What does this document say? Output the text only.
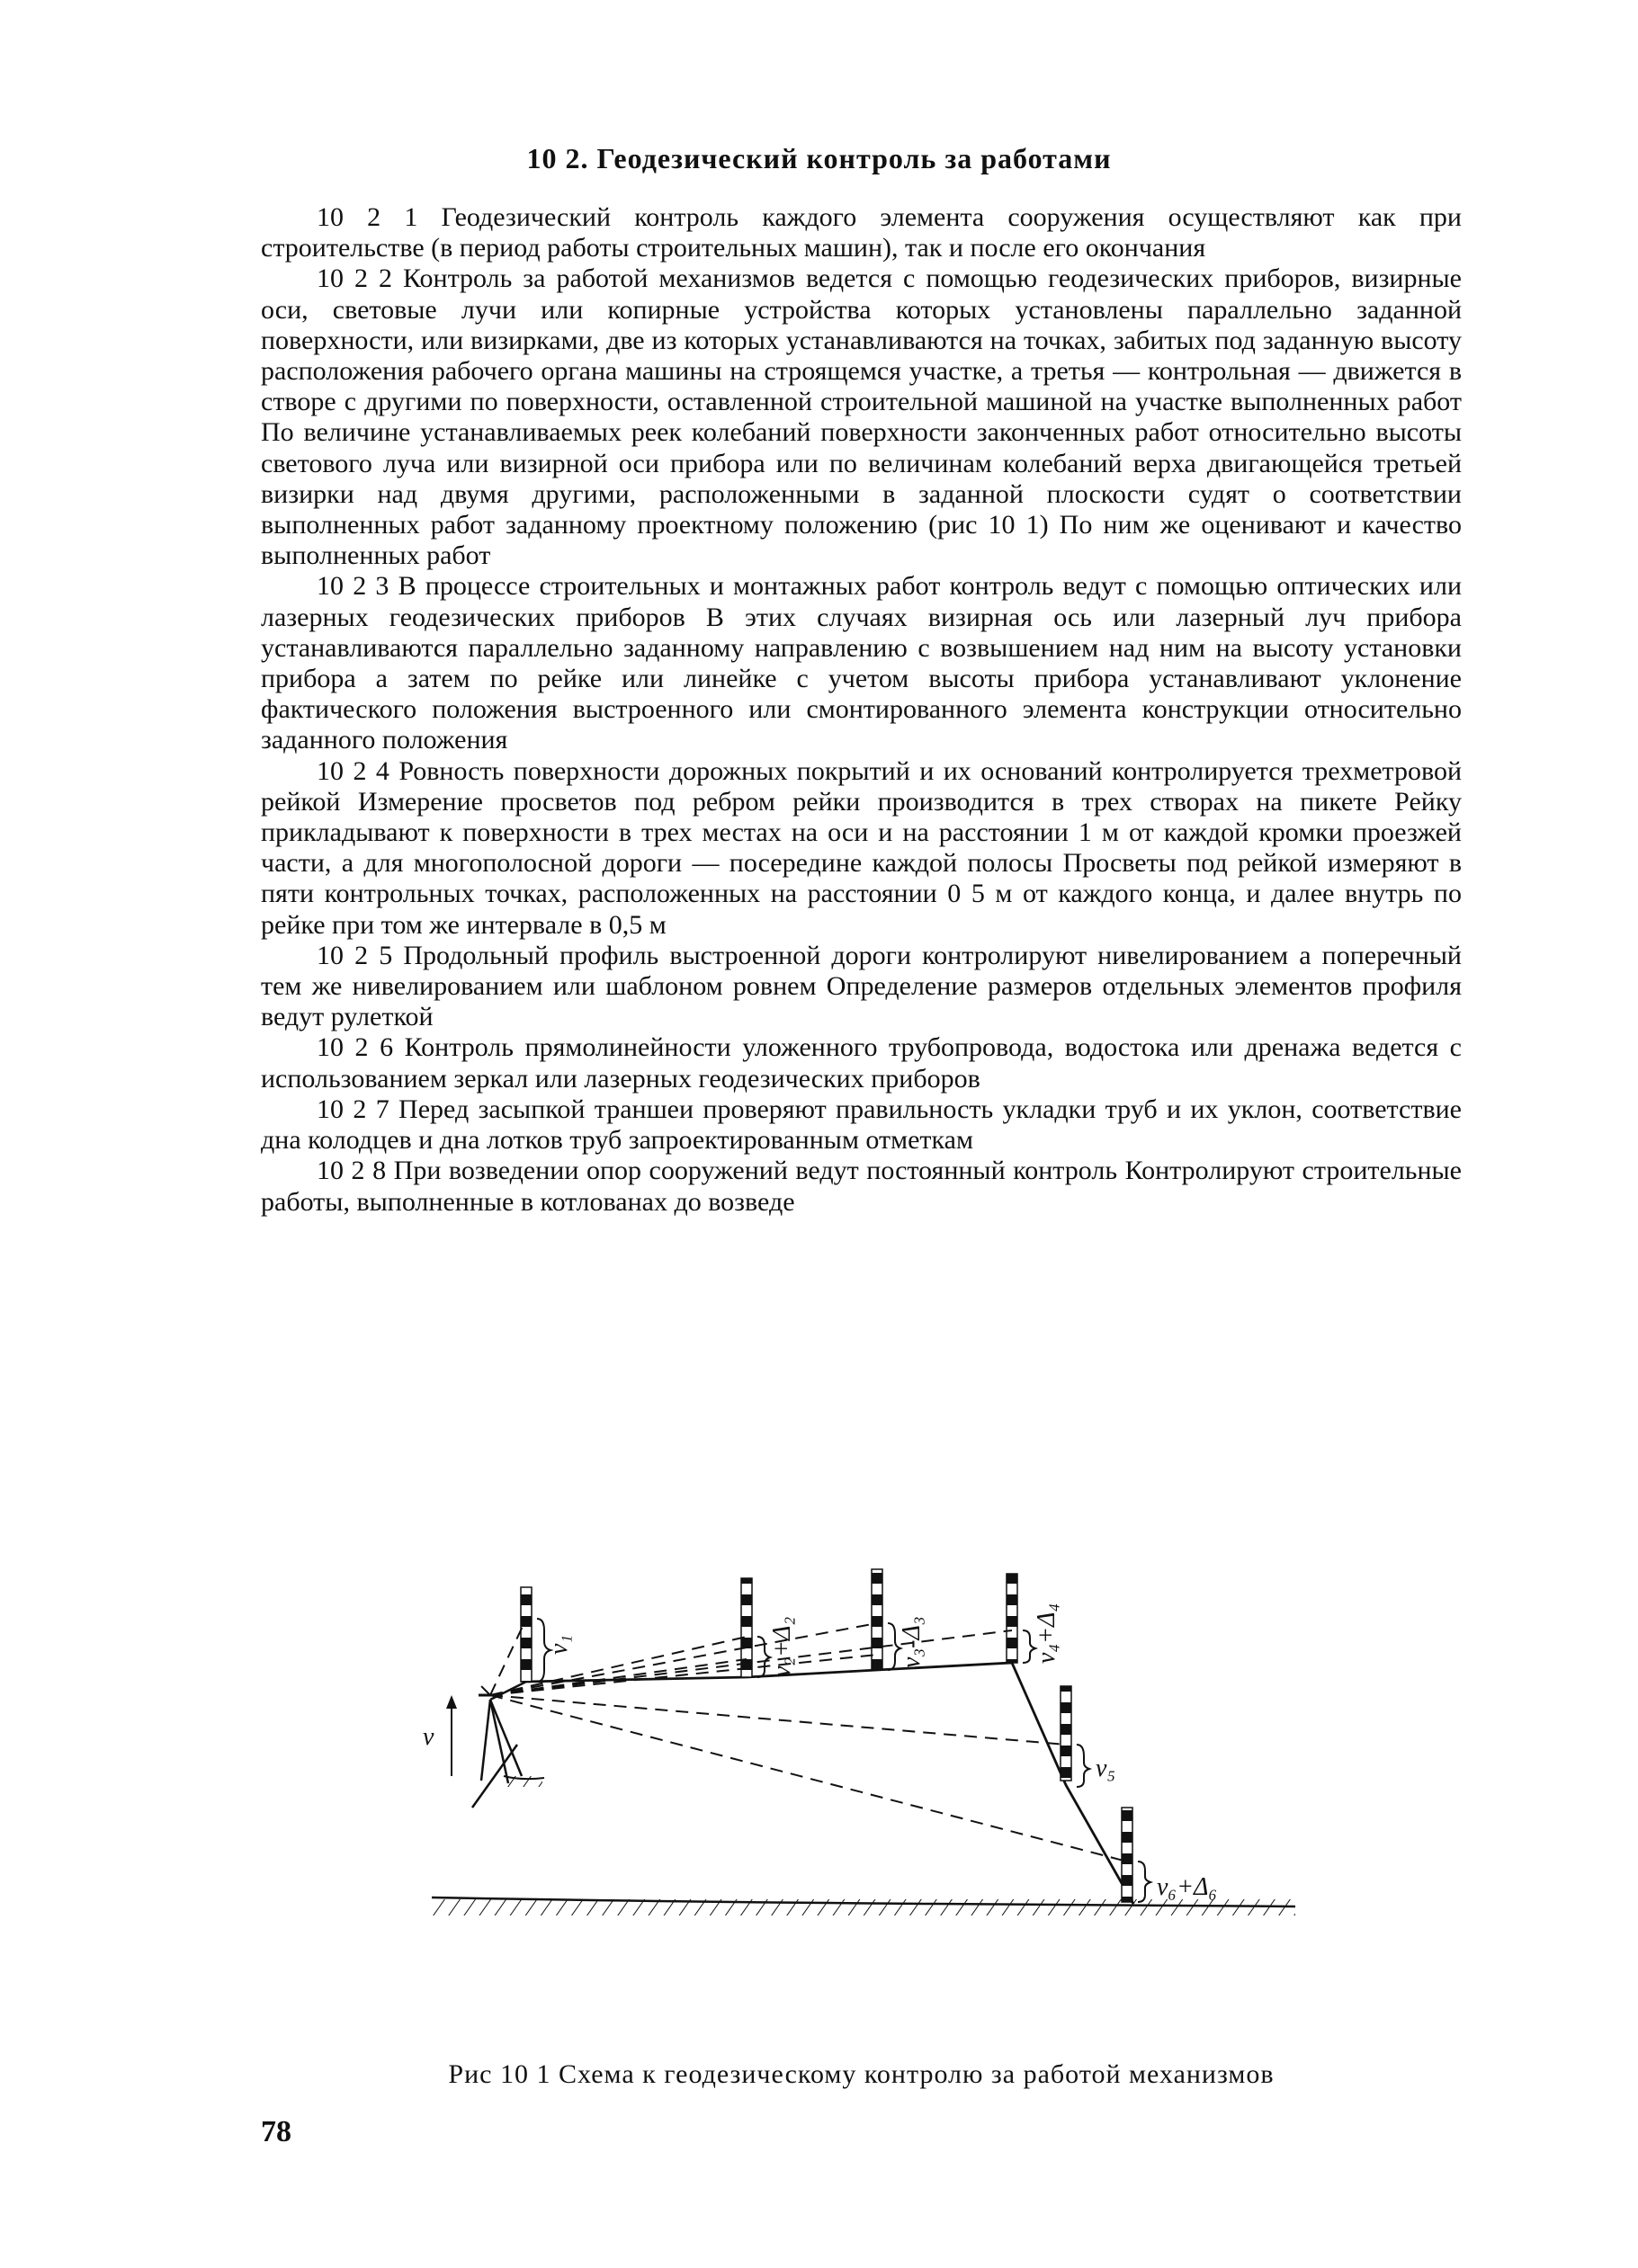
10 2. Геодезический контроль за работами

10 2 1 Геодезический контроль каждого элемента сооружения осуществляют как при строительстве (в период работы строительных машин), так и после его окончания

10 2 2 Контроль за работой механизмов ведется с помощью геодезических приборов, визирные оси, световые лучи или копирные устройства которых установлены параллельно заданной поверхности, или визирками, две из которых устанавливаются на точках, забитых под заданную высоту расположения рабочего органа машины на строящемся участке, а третья — контрольная — движется в створе с другими по поверхности, оставленной строительной машиной на участке выполненных работ По величине устанавливаемых реек колебаний поверхности законченных работ относительно высоты светового луча или визирной оси прибора или по величинам колебаний верха двигающейся третьей визирки над двумя другими, расположенными в заданной плоскости судят о соответствии выполненных работ заданному проектному положению (рис 10 1) По ним же оценивают и качество выполненных работ

10 2 3 В процессе строительных и монтажных работ контроль ведут с помощью оптических или лазерных геодезических приборов В этих случаях визирная ось или лазерный луч прибора устанавливаются параллельно заданному направлению с возвышением над ним на высоту установки прибора а затем по рейке или линейке с учетом высоты прибора устанавливают уклонение фактического положения выстроенного или смонтированного элемента конструкции относительно заданного положения

10 2 4 Ровность поверхности дорожных покрытий и их оснований контролируется трехметровой рейкой Измерение просветов под ребром рейки производится в трех створах на пикете Рейку прикладывают к поверхности в трех местах на оси и на расстоянии 1 м от каждой кромки проезжей части, а для многополосной дороги — посередине каждой полосы Просветы под рейкой измеряют в пяти контрольных точках, расположенных на расстоянии 0 5 м от каждого конца, и далее внутрь по рейке при том же интервале в 0,5 м

10 2 5 Продольный профиль выстроенной дороги контролируют нивелированием а поперечный тем же нивелированием или шаблоном ровнем Определение размеров отдельных элементов профиля ведут рулеткой

10 2 6 Контроль прямолинейности уложенного трубопровода, водостока или дренажа ведется с использованием зеркал или лазерных геодезических приборов

10 2 7 Перед засыпкой траншеи проверяют правильность укладки труб и их уклон, соответствие дна колодцев и дна лотков труб запроектированным отметкам

10 2 8 При возведении опор сооружений ведут постоянный контроль Контролируют строительные работы, выполненные в котлованах до возведе

v
v₁	v₂+Δ₂	v₃-Δ₃	v₄+Δ₄
v₅
v₆+Δ₆
Рис 10 1 Схема к геодезическому контролю за работой механизмов
78
